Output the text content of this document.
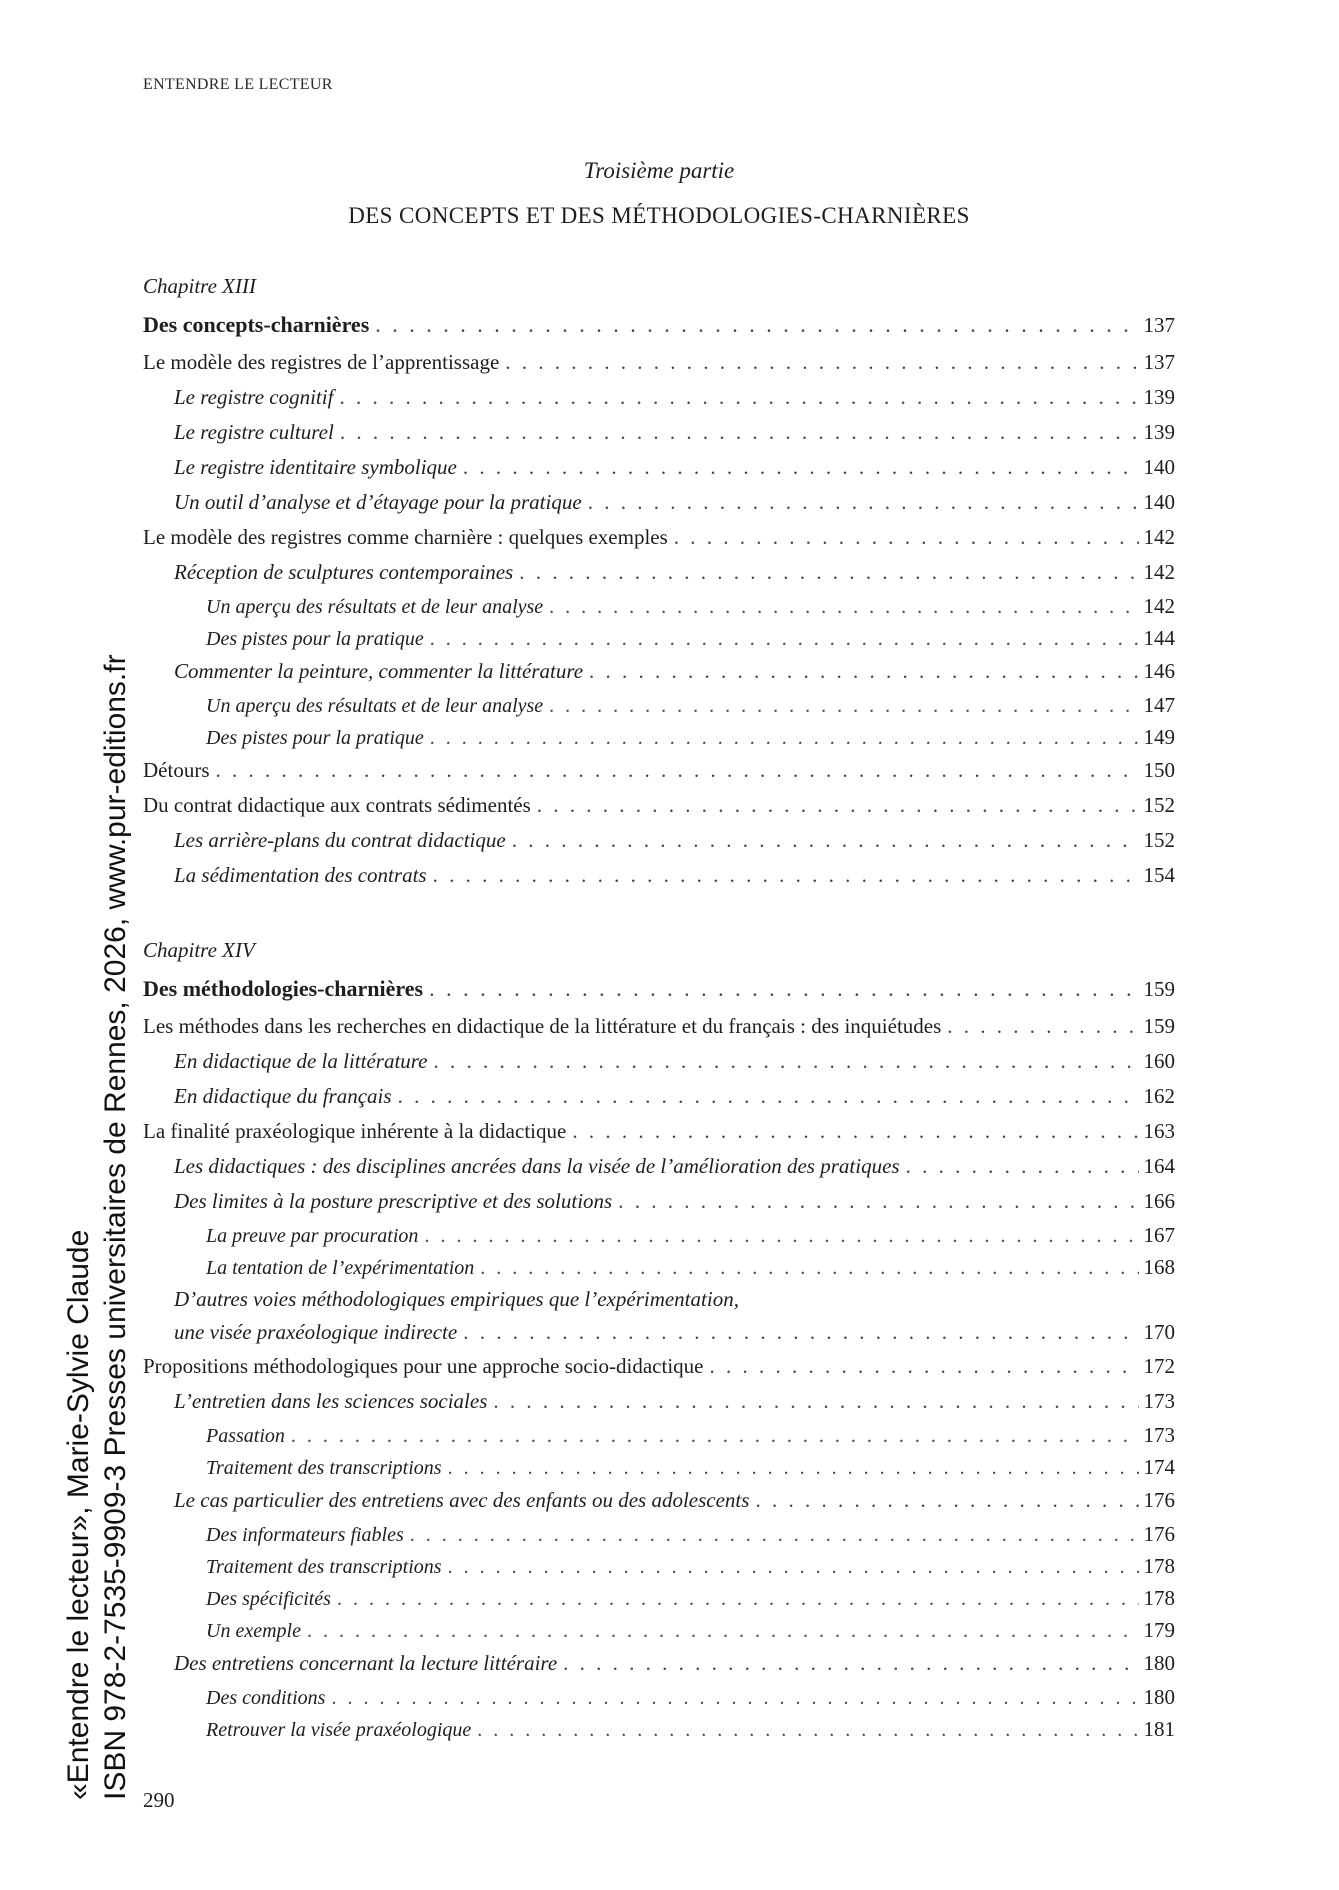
ENTENDRE LE LECTEUR
Troisième partie
DES CONCEPTS ET DES MÉTHODOLOGIES-CHARNIÈRES
Chapitre XIII
Des concepts-charnières . . .	137
Le modèle des registres de l’apprentissage . . .	137
Le registre cognitif . . .	139
Le registre culturel . . .	139
Le registre identitaire symbolique . . .	140
Un outil d’analyse et d’étayage pour la pratique . . .	140
Le modèle des registres comme charnière : quelques exemples . . .	142
Réception de sculptures contemporaines . . .	142
Un aperçu des résultats et de leur analyse . . .	142
Des pistes pour la pratique . . .	144
Commenter la peinture, commenter la littérature . . .	146
Un aperçu des résultats et de leur analyse . . .	147
Des pistes pour la pratique . . .	149
Détours . . .	150
Du contrat didactique aux contrats sédimentés . . .	152
Les arrière-plans du contrat didactique . . .	152
La sédimentation des contrats . . .	154
Chapitre XIV
Des méthodologies-charnières . . .	159
Les méthodes dans les recherches en didactique de la littérature et du français : des inquiétudes . . .	159
En didactique de la littérature . . .	160
En didactique du français . . .	162
La finalité praxéologique inhérente à la didactique . . .	163
Les didactiques : des disciplines ancrées dans la visée de l’amélioration des pratiques . . .	164
Des limites à la posture prescriptive et des solutions . . .	166
La preuve par procuration . . .	167
La tentation de l’expérimentation . . .	168
D’autres voies méthodologiques empiriques que l’expérimentation,
une visée praxéologique indirecte . . .	170
Propositions méthodologiques pour une approche socio-didactique . . .	172
L’entretien dans les sciences sociales . . .	173
Passation . . .	173
Traitement des transcriptions . . .	174
Le cas particulier des entretiens avec des enfants ou des adolescents . . .	176
Des informateurs fiables . . .	176
Traitement des transcriptions . . .	178
Des spécificités . . .	178
Un exemple . . .	179
Des entretiens concernant la lecture littéraire . . .	180
Des conditions . . .	180
Retrouver la visée praxéologique . . .	181
290
«Entendre le lecteur», Marie-Sylvie Claude ISBN 978-2-7535-9909-3 Presses universitaires de Rennes, 2026, www.pur-editions.fr
